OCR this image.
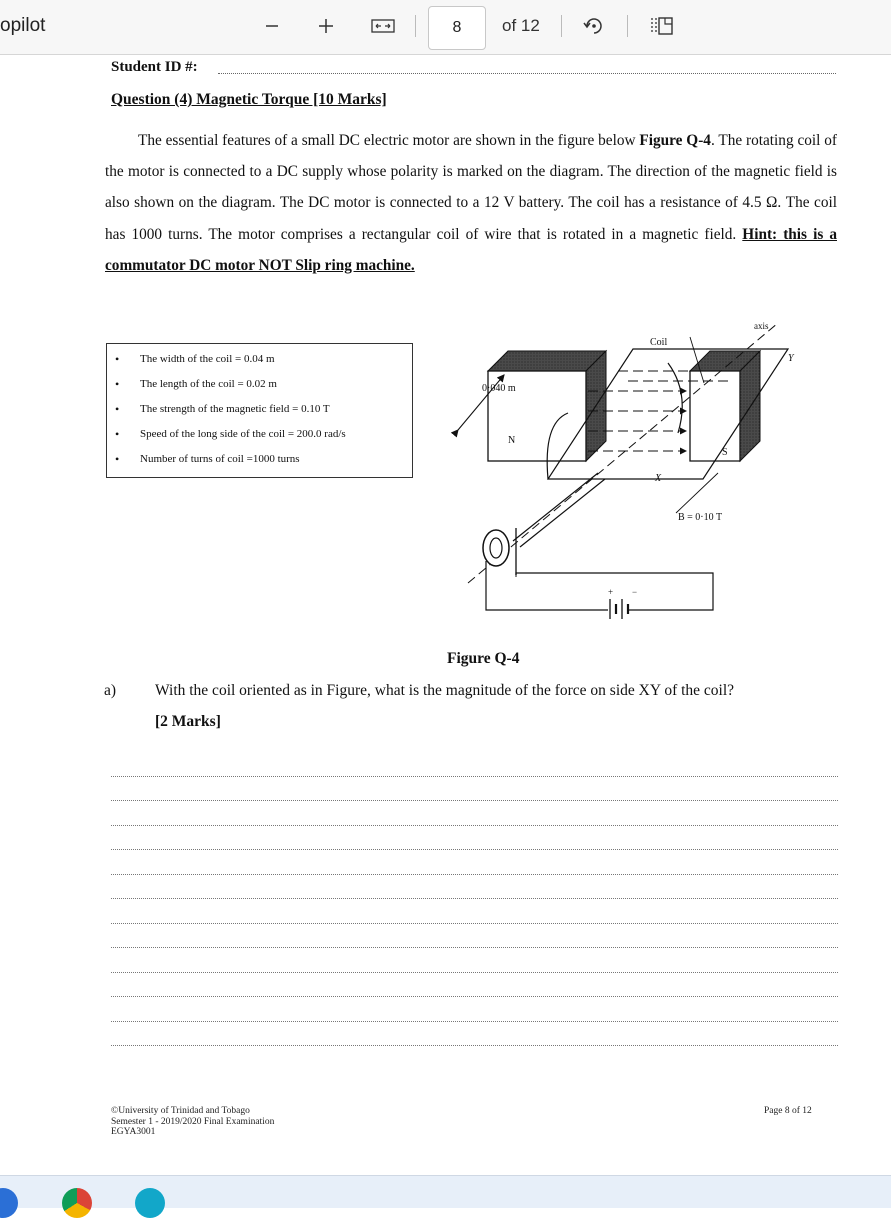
opilot	8	of 12
Student ID #:
Question (4) Magnetic Torque [10 Marks]
The essential features of a small DC electric motor are shown in the figure below Figure Q-4. The rotating coil of the motor is connected to a DC supply whose polarity is marked on the diagram. The direction of the magnetic field is also shown on the diagram. The DC motor is connected to a 12 V battery. The coil has a resistance of 4.5 Ω. The coil has 1000 turns. The motor comprises a rectangular coil of wire that is rotated in a magnetic field. Hint: this is a commutator DC motor NOT Slip ring machine.
• The width of the coil = 0.04 m
• The length of the coil = 0.02 m
• The strength of the magnetic field = 0.10 T
• Speed of the long side of the coil = 200.0 rad/s
• Number of turns of coil =1000 turns
+ −
0·040 m
Coil
axis
Y
X
N
S
B = 0·10 T
Figure Q-4
a)	With the coil oriented as in Figure, what is the magnitude of the force on side XY of the coil?
[2 Marks]
©University of Trinidad and Tobago
Semester 1 - 2019/2020 Final Examination
EGYA3001
Page 8 of 12
